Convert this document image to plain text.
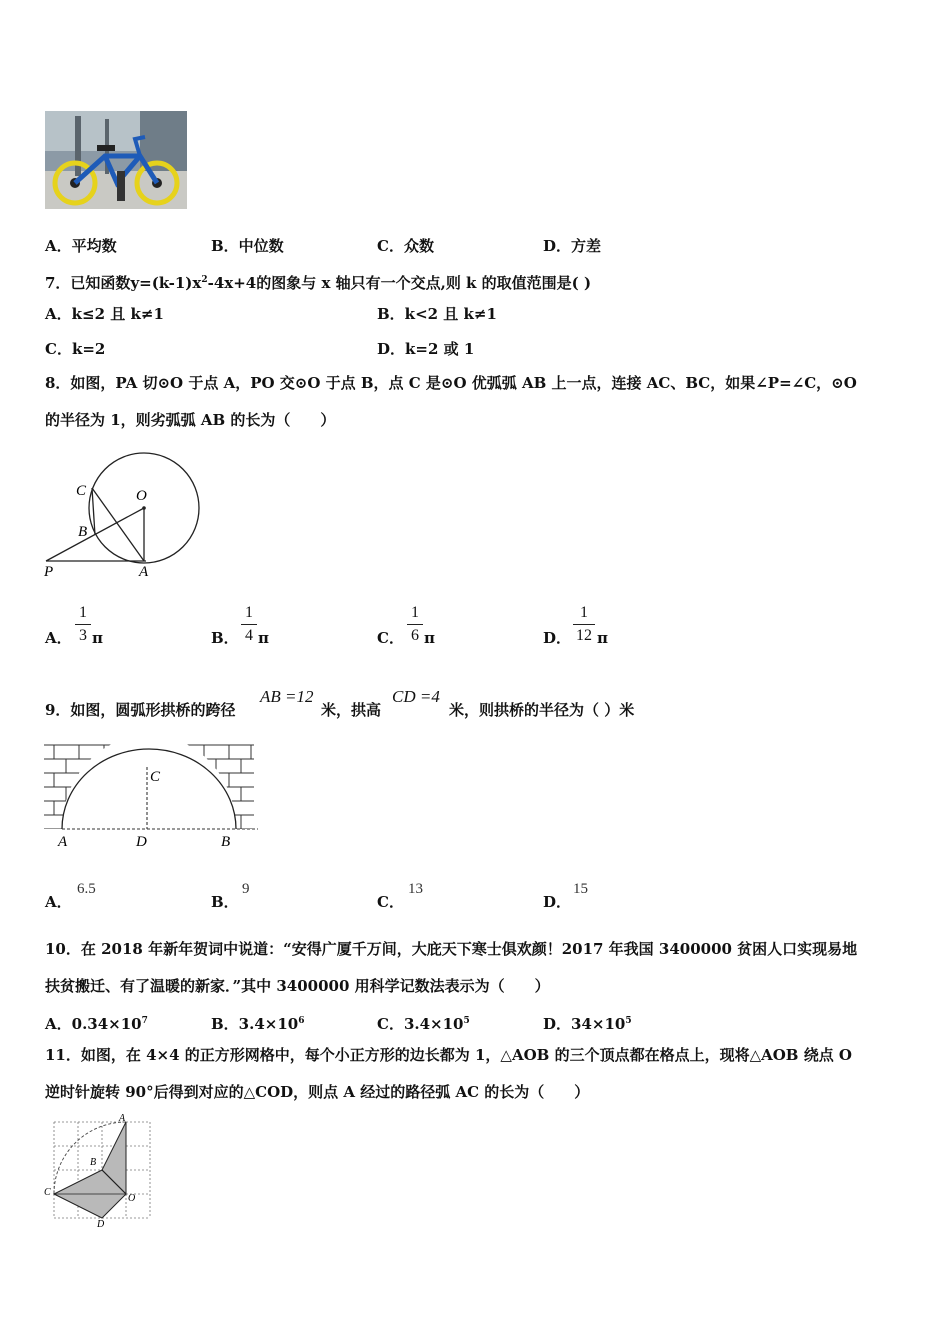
A．平均数	B．中位数	C．众数	D．方差
7．已知函数$y=(k-1)x^2-4x+4$的图象与 x 轴只有一个交点,则 k 的取值范围是( )
A．k≤2 且 k≠1	B．k<2 且 k≠1
C．k=2	D．k=2 或 1
8．如图，PA 切⊙O 于点 A，PO 交⊙O 于点 B，点 C 是⊙O 优弧弧 AB 上一点，连接 AC、BC，如果∠P=∠C，⊙O
的半径为 1，则劣弧弧 AB 的长为（　　）
C	O
B
P	A
A．
1
3 π	B．
1
4 π	C．
1
6 π	D．
1
12 π
9．如图，圆弧形拱桥的跨径
AB =12
米，拱高
CD =4
米，则拱桥的半径为（ ）米
A	D	B
C
A．
6.5
B．
9
C．
13
D．
15
10．在 2018 年新年贺词中说道：“安得广厦千万间，大庇天下寒士俱欢颜！2017 年我国 3400000 贫困人口实现易地
扶贫搬迁、有了温暖的新家．”其中 3400000 用科学记数法表示为（　　）
A．$0.34\times 10^7$	B．$3.4\times 10^6$	C．$3.4\times 10^5$	D．$34\times 10^5$
11．如图，在 4×4 的正方形网格中，每个小正方形的边长都为 1，△AOB 的三个顶点都在格点上，现将△AOB 绕点 O
逆时针旋转 90°后得到对应的△COD，则点 A 经过的路径弧 AC 的长为（　　）
A
B
C
O
D
